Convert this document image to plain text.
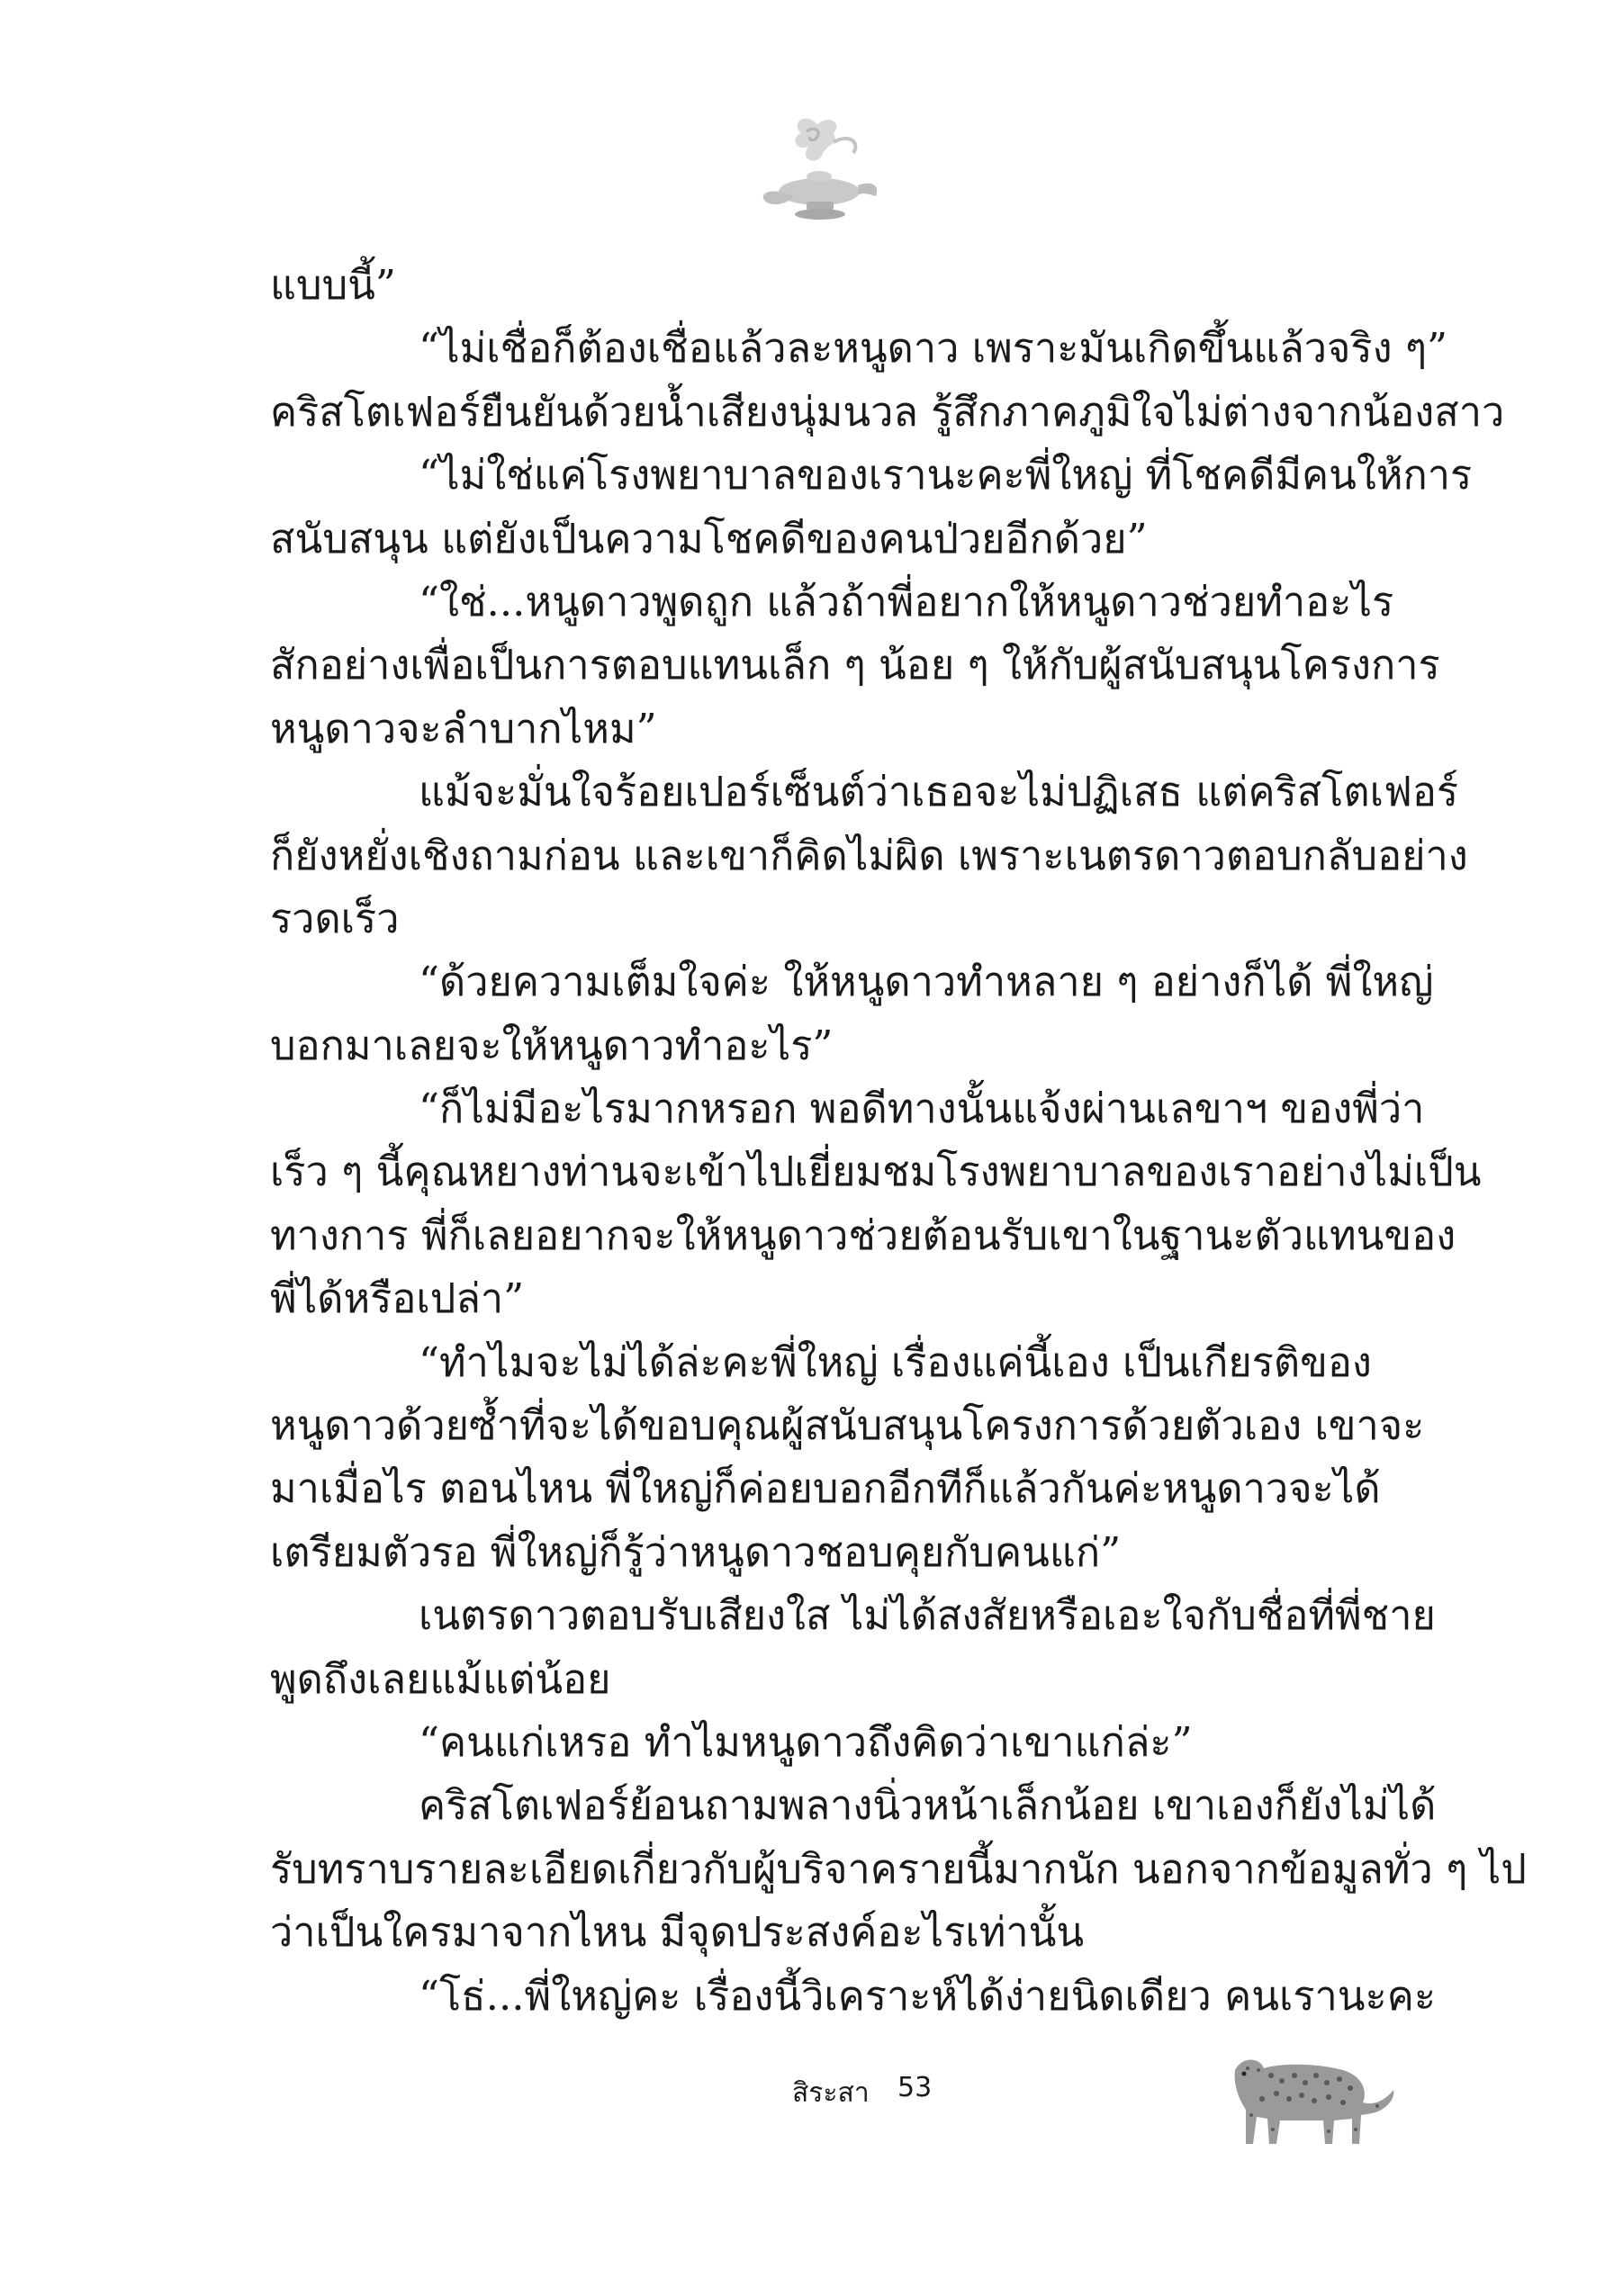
แบบนี้”
“ไม่เชื่อก็ต้องเชื่อแล้วละหนูดาว เพราะมันเกิดขึ้นแล้วจริง ๆ”
คริสโตเฟอร์ยืนยันด้วยน้ำเสียงนุ่มนวล รู้สึกภาคภูมิใจไม่ต่างจากน้องสาว
“ไม่ใช่แค่โรงพยาบาลของเรานะคะพี่ใหญ่ ที่โชคดีมีคนให้การ
สนับสนุน แต่ยังเป็นความโชคดีของคนป่วยอีกด้วย”
“ใช่...หนูดาวพูดถูก แล้วถ้าพี่อยากให้หนูดาวช่วยทำอะไร
สักอย่างเพื่อเป็นการตอบแทนเล็ก ๆ น้อย ๆ ให้กับผู้สนับสนุนโครงการ
หนูดาวจะลำบากไหม”
แม้จะมั่นใจร้อยเปอร์เซ็นต์ว่าเธอจะไม่ปฏิเสธ แต่คริสโตเฟอร์
ก็ยังหยั่งเชิงถามก่อน และเขาก็คิดไม่ผิด เพราะเนตรดาวตอบกลับอย่าง
รวดเร็ว
“ด้วยความเต็มใจค่ะ ให้หนูดาวทำหลาย ๆ อย่างก็ได้ พี่ใหญ่
บอกมาเลยจะให้หนูดาวทำอะไร”
“ก็ไม่มีอะไรมากหรอก พอดีทางนั้นแจ้งผ่านเลขาฯ ของพี่ว่า
เร็ว ๆ นี้คุณหยางท่านจะเข้าไปเยี่ยมชมโรงพยาบาลของเราอย่างไม่เป็น
ทางการ พี่ก็เลยอยากจะให้หนูดาวช่วยต้อนรับเขาในฐานะตัวแทนของ
พี่ได้หรือเปล่า”
“ทำไมจะไม่ได้ล่ะคะพี่ใหญ่ เรื่องแค่นี้เอง เป็นเกียรติของ
หนูดาวด้วยซ้ำที่จะได้ขอบคุณผู้สนับสนุนโครงการด้วยตัวเอง เขาจะ
มาเมื่อไร ตอนไหน พี่ใหญ่ก็ค่อยบอกอีกทีก็แล้วกันค่ะหนูดาวจะได้
เตรียมตัวรอ พี่ใหญ่ก็รู้ว่าหนูดาวชอบคุยกับคนแก่”
เนตรดาวตอบรับเสียงใส ไม่ได้สงสัยหรือเอะใจกับชื่อที่พี่ชาย
พูดถึงเลยแม้แต่น้อย
“คนแก่เหรอ ทำไมหนูดาวถึงคิดว่าเขาแก่ล่ะ”
คริสโตเฟอร์ย้อนถามพลางนิ่วหน้าเล็กน้อย เขาเองก็ยังไม่ได้
รับทราบรายละเอียดเกี่ยวกับผู้บริจาครายนี้มากนัก นอกจากข้อมูลทั่ว ๆ ไป
ว่าเป็นใครมาจากไหน มีจุดประสงค์อะไรเท่านั้น
“โธ่...พี่ใหญ่คะ เรื่องนี้วิเคราะห์ได้ง่ายนิดเดียว คนเรานะคะ
สิระสา 53
